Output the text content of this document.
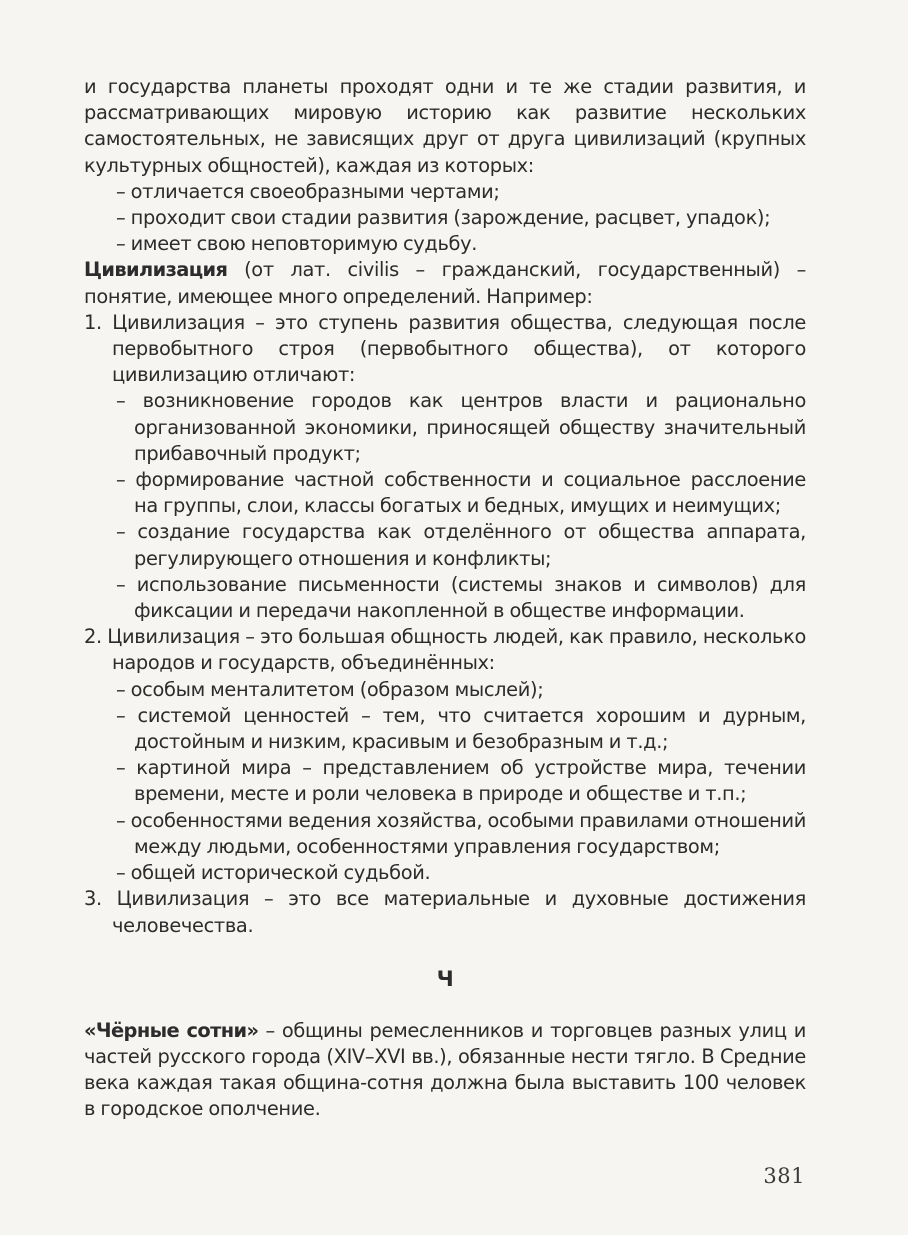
и государства планеты проходят одни и те же стадии развития, и рассматривающих мировую историю как развитие нескольких самостоятельных, не зависящих друг от друга цивилизаций (крупных культурных общностей), каждая из которых:

– отличается своеобразными чертами;

– проходит свои стадии развития (зарождение, расцвет, упадок);

– имеет свою неповторимую судьбу.

Цивилизация (от лат. civilis – гражданский, государственный) – понятие, имеющее много определений. Например:

1. Цивилизация – это ступень развития общества, следующая после первобытного строя (первобытного общества), от которого цивилизацию отличают:

– возникновение городов как центров власти и рационально организованной экономики, приносящей обществу значительный прибавочный продукт;

– формирование частной собственности и социальное расслоение на группы, слои, классы богатых и бедных, имущих и неимущих;

– создание государства как отделённого от общества аппарата, регулирующего отношения и конфликты;

– использование письменности (системы знаков и символов) для фиксации и передачи накопленной в обществе информации.

2. Цивилизация – это большая общность людей, как правило, несколько народов и государств, объединённых:

– особым менталитетом (образом мыслей);

– системой ценностей – тем, что считается хорошим и дурным, достойным и низким, красивым и безобразным и т.д.;

– картиной мира – представлением об устройстве мира, течении времени, месте и роли человека в природе и обществе и т.п.;

– особенностями ведения хозяйства, особыми правилами отношений между людьми, особенностями управления государством;

– общей исторической судьбой.

3. Цивилизация – это все материальные и духовные достижения человечества.

Ч

«Чёрные сотни» – общины ремесленников и торговцев разных улиц и частей русского города (XIV–XVI вв.), обязанные нести тягло. В Средние века каждая такая община-сотня должна была выставить 100 человек в городское ополчение.

381
